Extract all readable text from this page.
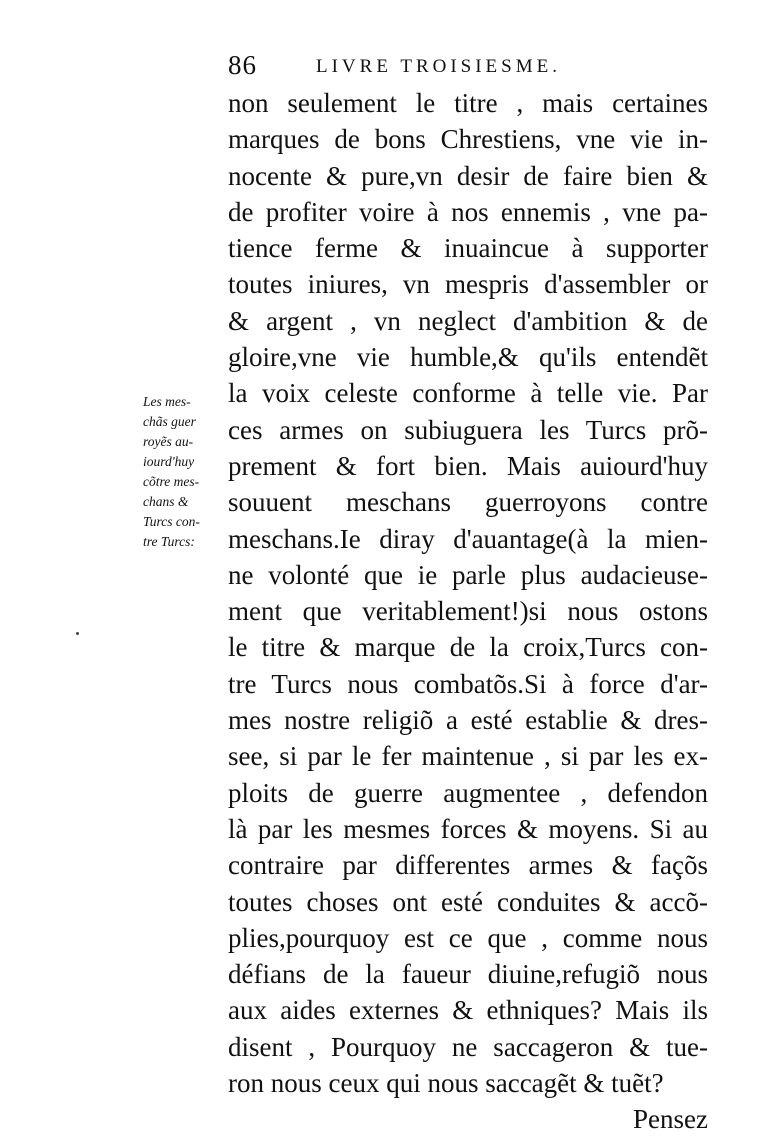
86	LIVRE TROISIESME.
Les mes-
chãs guer
royẽs au-
iourd'huy
cõtre mes-
chans &
Turcs con-
tre Turcs:
non seulement le titre , mais certaines
marques de bons Chrestiens, vne vie in-
nocente & pure,vn desir de faire bien &
de profiter voire à nos ennemis , vne pa-
tience ferme & inuaincue à supporter
toutes iniures, vn mespris d'assembler or
& argent , vn neglect d'ambition & de
gloire,vne vie humble,& qu'ils entendẽt
la voix celeste conforme à telle vie. Par
ces armes on subiuguera les Turcs prõ-
prement & fort bien. Mais auiourd'huy
souuent meschans guerroyons contre
meschans.Ie diray d'auantage(à la mien-
ne volonté que ie parle plus audacieuse-
ment que veritablement!)si nous ostons
le titre & marque de la croix,Turcs con-
tre Turcs nous combatõs.Si à force d'ar-
mes nostre religiõ a esté establie & dres-
see, si par le fer maintenue , si par les ex-
ploits de guerre augmentee , defendon
là par les mesmes forces & moyens. Si au
contraire par differentes armes & façõs
toutes choses ont esté conduites & accõ-
plies,pourquoy est ce que , comme nous
défians de la faueur diuine,refugiõ nous
aux aides externes & ethniques? Mais ils
disent , Pourquoy ne saccageron & tue-
ron nous ceux qui nous saccagẽt & tuẽt?
Pensez
